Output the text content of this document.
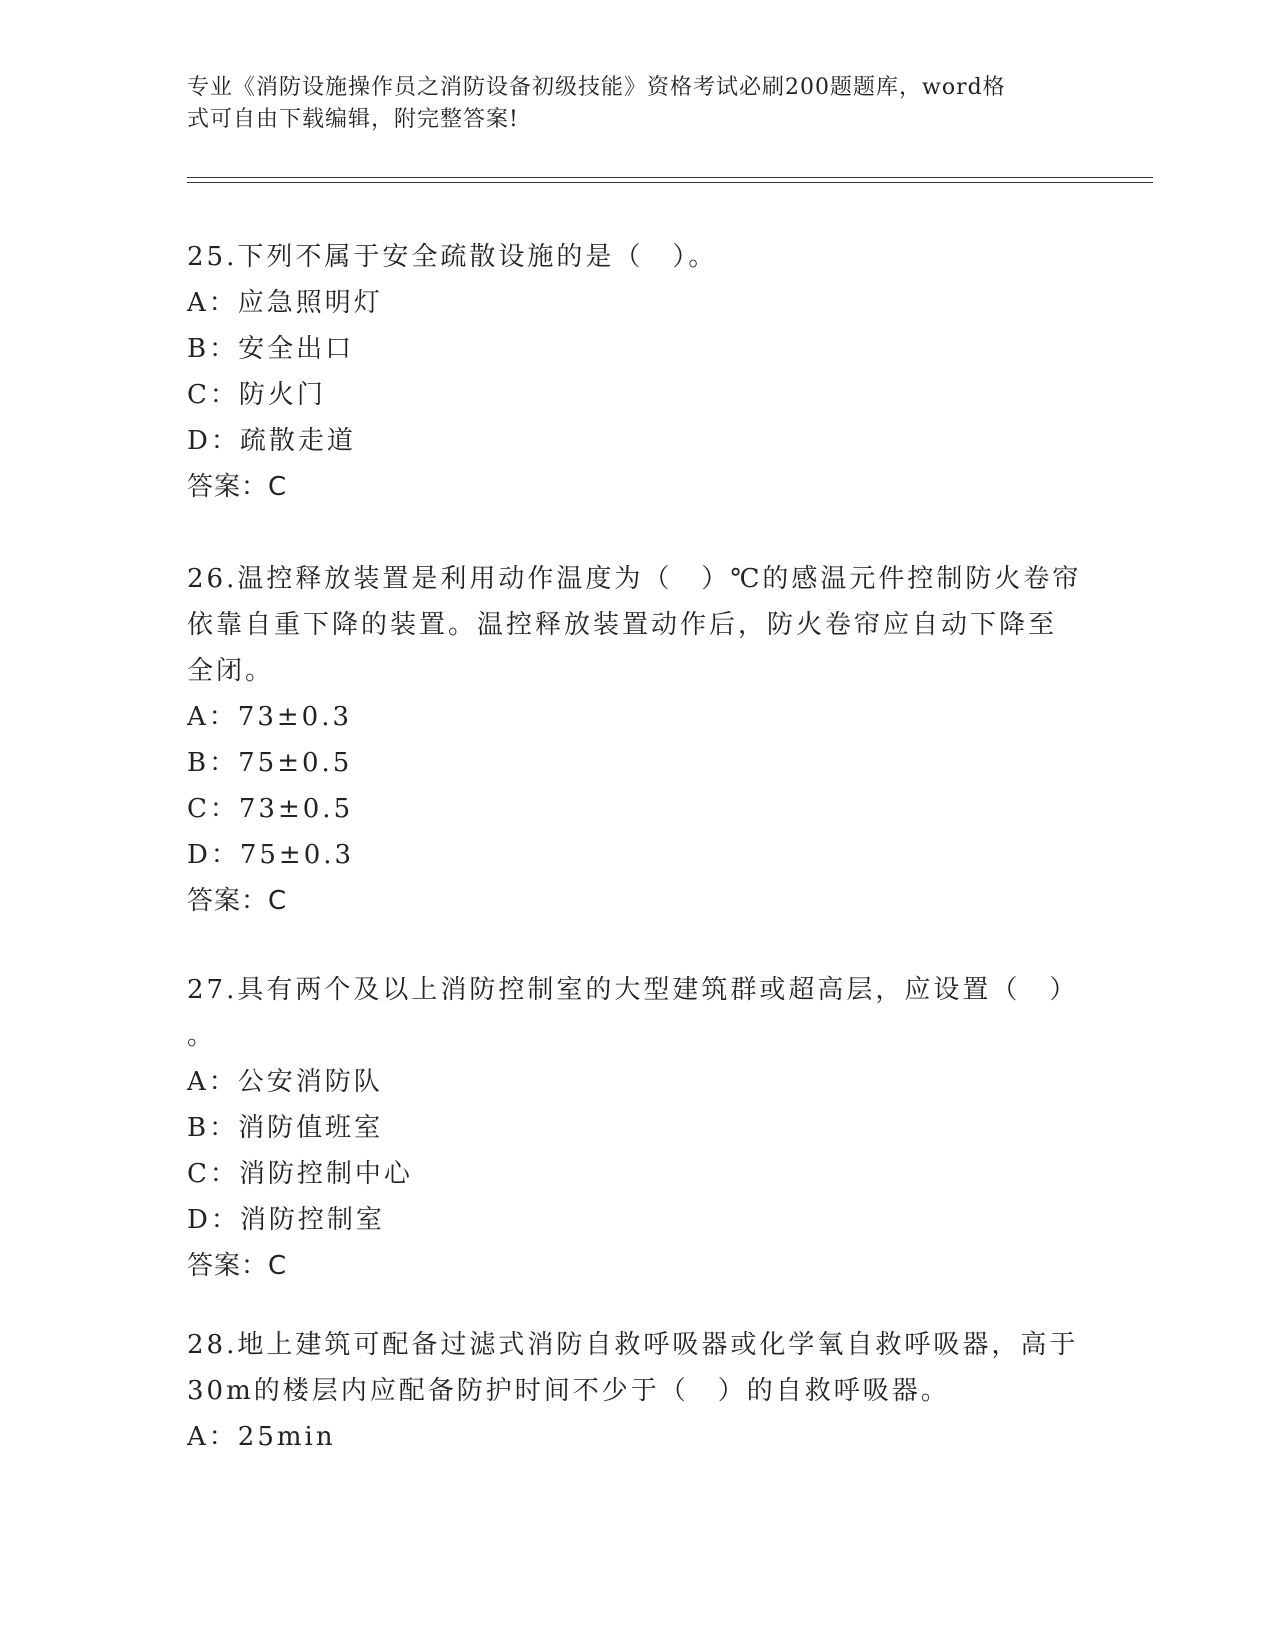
专业《消防设施操作员之消防设备初级技能》资格考试必刷200题题库，word格
式可自由下载编辑，附完整答案!
25.下列不属于安全疏散设施的是（　）。
A：应急照明灯
B：安全出口
C：防火门
D：疏散走道
答案：C
26.温控释放装置是利用动作温度为（　）℃的感温元件控制防火卷帘
依靠自重下降的装置。温控释放装置动作后，防火卷帘应自动下降至
全闭。
A：73±0.3
B：75±0.5
C：73±0.5
D：75±0.3
答案：C
27.具有两个及以上消防控制室的大型建筑群或超高层，应设置（　）
。
A：公安消防队
B：消防值班室
C：消防控制中心
D：消防控制室
答案：C
28.地上建筑可配备过滤式消防自救呼吸器或化学氧自救呼吸器，高于
30m的楼层内应配备防护时间不少于（　）的自救呼吸器。
A：25min
